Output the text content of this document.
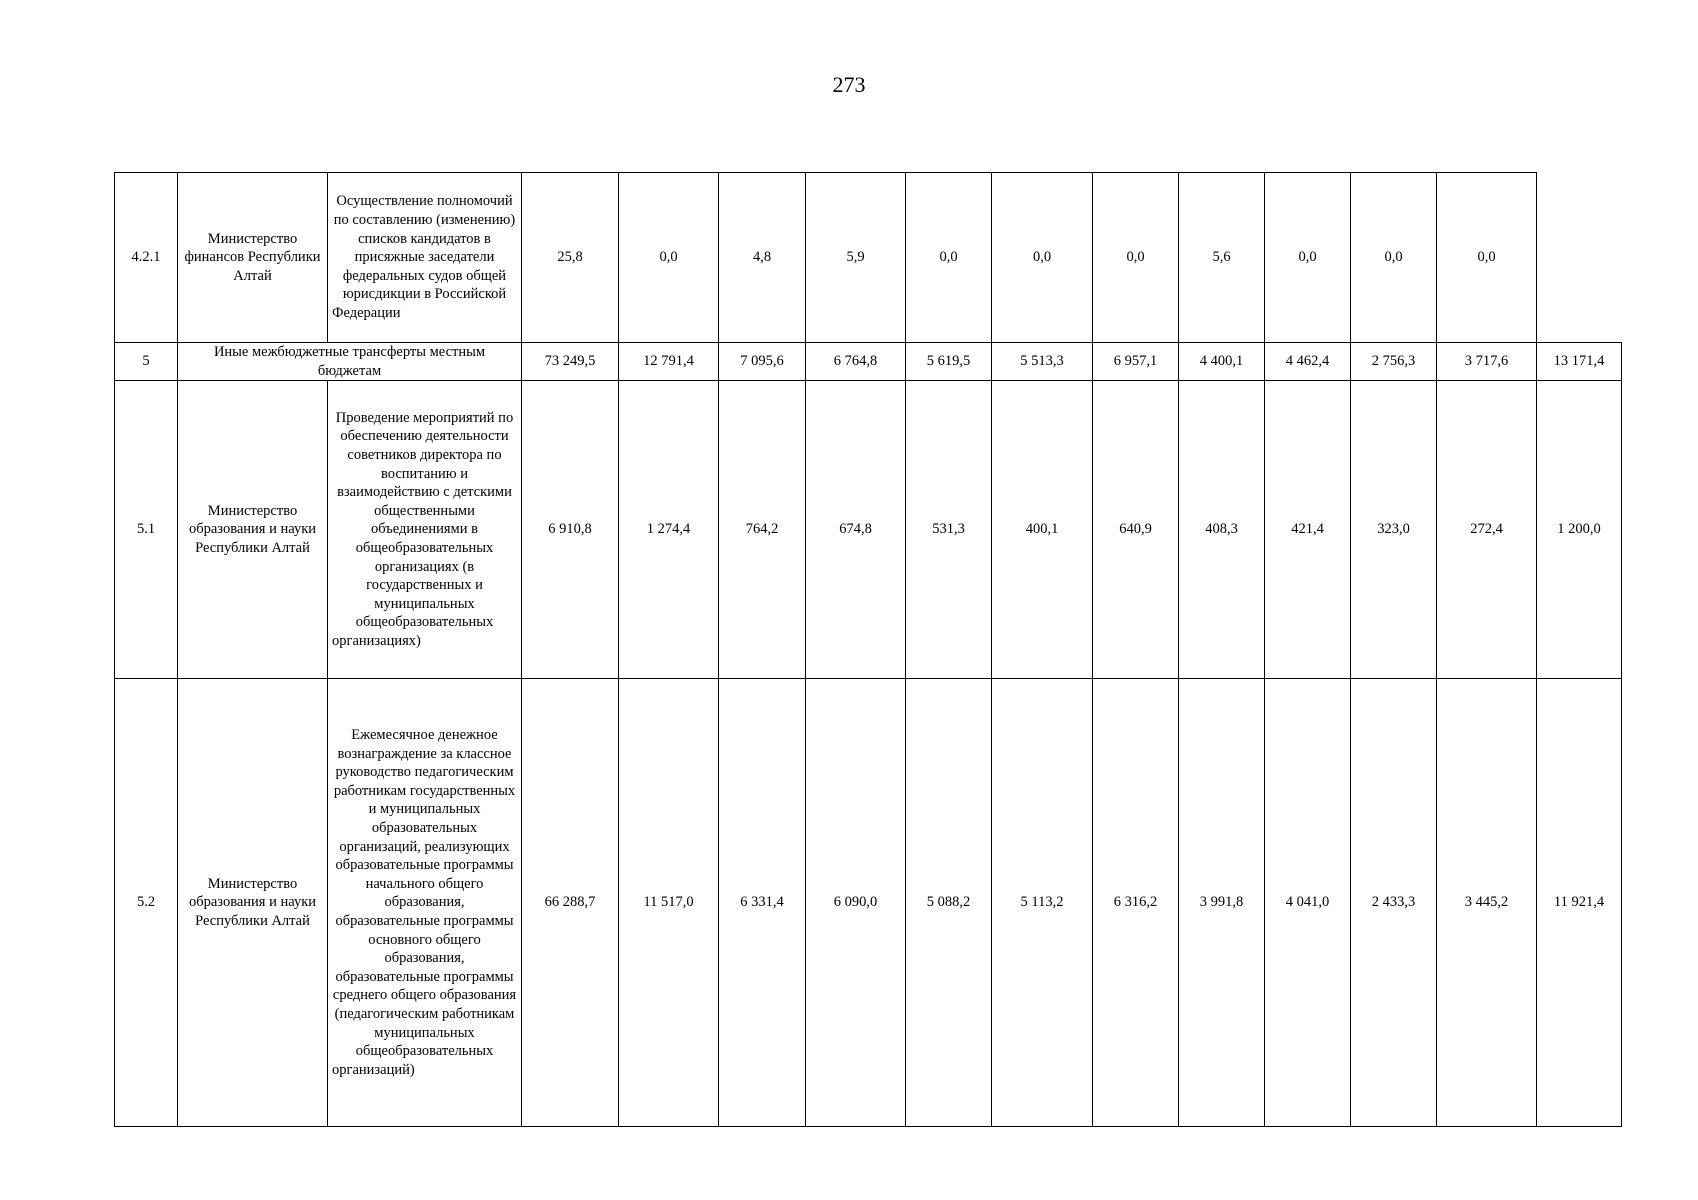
273
4.2.1	Министерство финансов Республики Алтай	Осуществление полномочий по составлению (изменению) списков кандидатов в присяжные заседатели федеральных судов общей юрисдикции в Российской Федерации	25,8	0,0	4,8	5,9	0,0	0,0	0,0	5,6	0,0	0,0	0,0	
5	Иные межбюджетные трансферты местным бюджетам		73 249,5	12 791,4	7 095,6	6 764,8	5 619,5	5 513,3	6 957,1	4 400,1	4 462,4	2 756,3	3 717,6	13 171,4
5.1	Министерство образования и науки Республики Алтай	Проведение мероприятий по обеспечению деятельности советников директора по воспитанию и взаимодействию с детскими общественными объединениями в общеобразовательных организациях (в государственных и муниципальных общеобразовательных организациях)	6 910,8	1 274,4	764,2	674,8	531,3	400,1	640,9	408,3	421,4	323,0	272,4	1 200,0
5.2	Министерство образования и науки Республики Алтай	Ежемесячное денежное вознаграждение за классное руководство педагогическим работникам государственных и муниципальных образовательных организаций, реализующих образовательные программы начального общего образования, образовательные программы основного общего образования, образовательные программы среднего общего образования (педагогическим работникам муниципальных общеобразовательных организаций)	66 288,7	11 517,0	6 331,4	6 090,0	5 088,2	5 113,2	6 316,2	3 991,8	4 041,0	2 433,3	3 445,2	11 921,4
